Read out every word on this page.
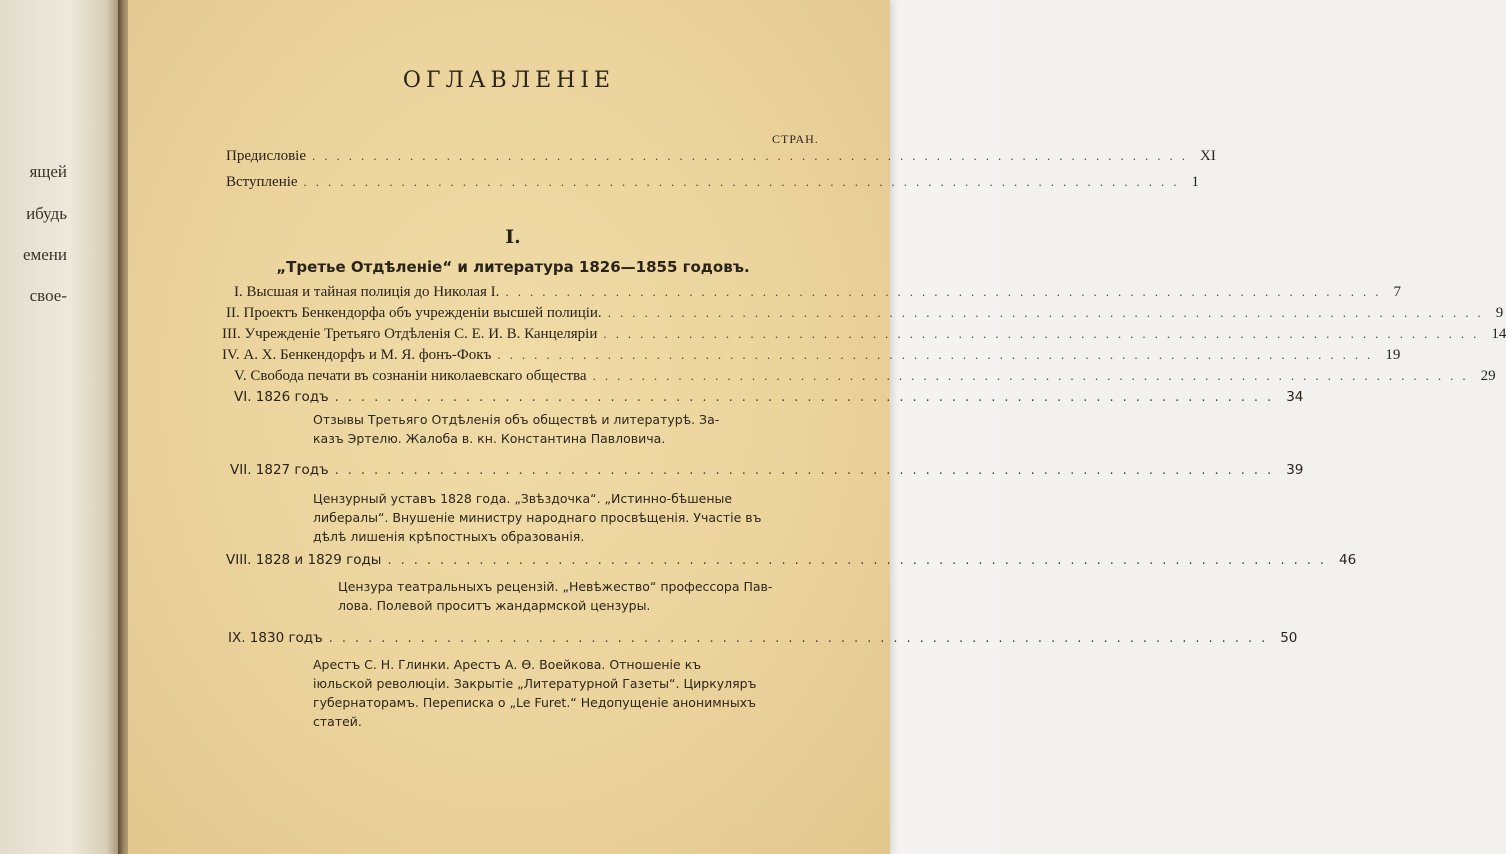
ящей
ибудь
емени
свое-
ОГЛАВЛЕНІЕ
СТРАН.
Предисловіе ........................................................................ XI
Вступленіе ........................................................................ 1
I.
„Третье Отдѣленіе“ и литература 1826—1855 годовъ.
I. Высшая и тайная полиція до Николая I. ........................................................................ 7
II. Проектъ Бенкендорфа объ учрежденіи высшей полиціи. ........................................................................ 9
III. Учрежденіе Третьяго Отдѣленія С. Е. И. В. Канцеляріи ........................................................................ 14
IV. А. Х. Бенкендорфъ и М. Я. фонъ-Фокъ ........................................................................ 19
V. Свобода печати въ сознаніи николаевскаго общества ........................................................................ 29
VI. 1826 годъ ........................................................................ 34
Отзывы Третьяго Отдѣленія объ обществѣ и литературѣ. За-
казъ Эртелю. Жалоба в. кн. Константина Павловича.
VII. 1827 годъ ........................................................................ 39
Цензурный уставъ 1828 года. „Звѣздочка“. „Истинно-бѣшеные
либералы“. Внушеніе министру народнаго просвѣщенія. Участіе въ
дѣлѣ лишенія крѣпостныхъ образованія.
VIII. 1828 и 1829 годы ........................................................................ 46
Цензура театральныхъ рецензій. „Невѣжество“ профессора Пав-
лова. Полевой проситъ жандармской цензуры.
IX. 1830 годъ ........................................................................ 50
Арестъ С. Н. Глинки. Арестъ А. Ѳ. Воейкова. Отношеніе къ
іюльской революціи. Закрытіе „Литературной Газеты“. Циркуляръ
губернаторамъ. Переписка о „Le Furet.“ Недопущеніе анонимныхъ
статей.
